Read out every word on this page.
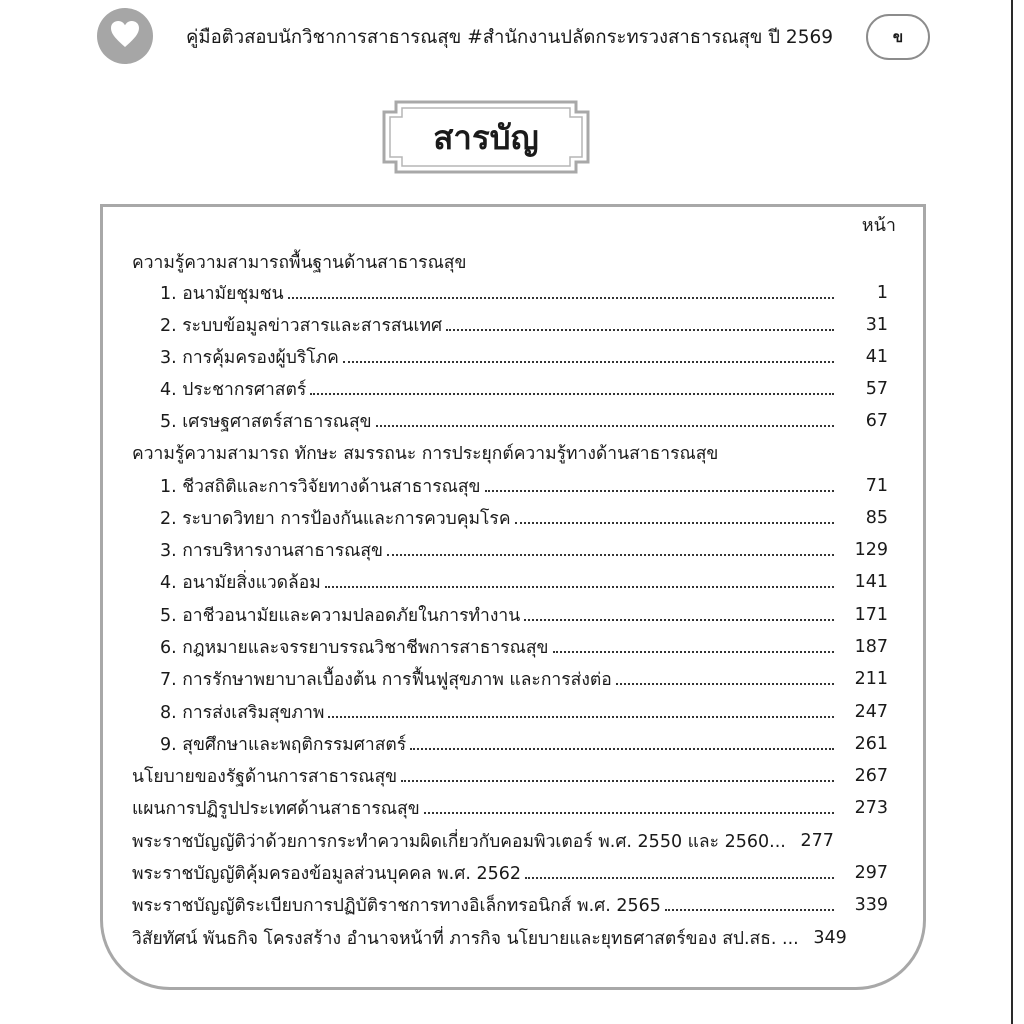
คู่มือติวสอบนักวิชาการสาธารณสุข #สำนักงานปลัดกระทรวงสาธารณสุข ปี 2569	ข
สารบัญ
หน้า
ความรู้ความสามารถพื้นฐานด้านสาธารณสุข
1. อนามัยชุมชน	1
2. ระบบข้อมูลข่าวสารและสารสนเทศ	31
3. การคุ้มครองผู้บริโภค	41
4. ประชากรศาสตร์	57
5. เศรษฐศาสตร์สาธารณสุข	67
ความรู้ความสามารถ ทักษะ สมรรถนะ การประยุกต์ความรู้ทางด้านสาธารณสุข
1. ชีวสถิติและการวิจัยทางด้านสาธารณสุข	71
2. ระบาดวิทยา การป้องกันและการควบคุมโรค	85
3. การบริหารงานสาธารณสุข	129
4. อนามัยสิ่งแวดล้อม	141
5. อาชีวอนามัยและความปลอดภัยในการทำงาน	171
6. กฎหมายและจรรยาบรรณวิชาชีพการสาธารณสุข	187
7. การรักษาพยาบาลเบื้องต้น การฟื้นฟูสุขภาพ และการส่งต่อ	211
8. การส่งเสริมสุขภาพ	247
9. สุขศึกษาและพฤติกรรมศาสตร์	261
นโยบายของรัฐด้านการสาธารณสุข	267
แผนการปฏิรูปประเทศด้านสาธารณสุข	273
พระราชบัญญัติว่าด้วยการกระทำความผิดเกี่ยวกับคอมพิวเตอร์ พ.ศ. 2550 และ 2560... 277
พระราชบัญญัติคุ้มครองข้อมูลส่วนบุคคล พ.ศ. 2562	297
พระราชบัญญัติระเบียบการปฏิบัติราชการทางอิเล็กทรอนิกส์ พ.ศ. 2565	339
วิสัยทัศน์ พันธกิจ โครงสร้าง อำนาจหน้าที่ ภารกิจ นโยบายและยุทธศาสตร์ของ สป.สธ. ... 349
